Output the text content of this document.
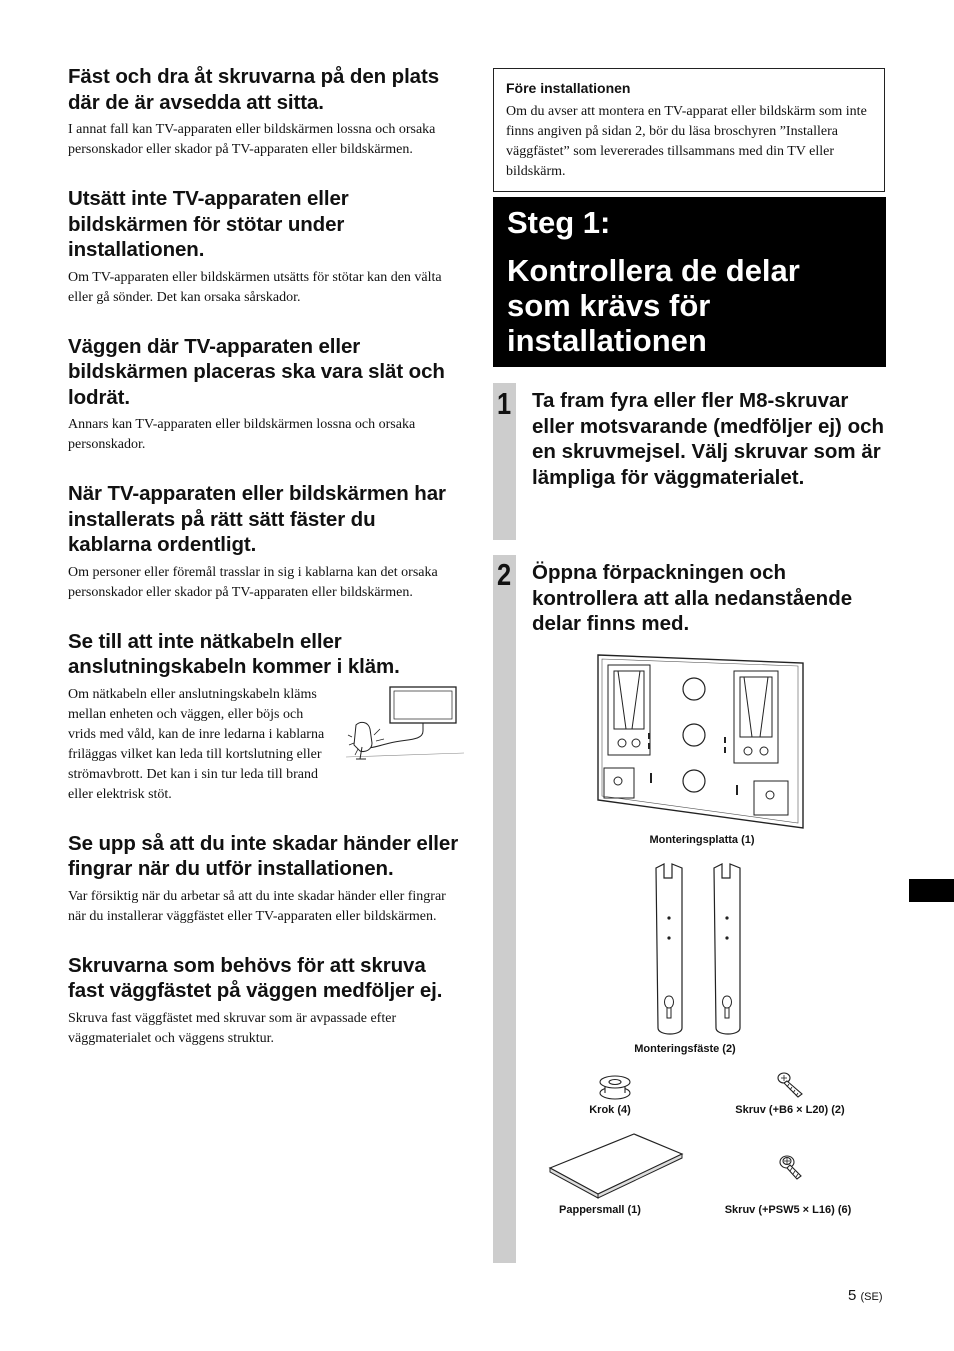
Fäst och dra åt skruvarna på den plats där de är avsedda att sitta.

I annat fall kan TV-apparaten eller bildskärmen lossna och orsaka personskador eller skador på TV-apparaten eller bildskärmen.

Utsätt inte TV-apparaten eller bildskärmen för stötar under installationen.

Om TV-apparaten eller bildskärmen utsätts för stötar kan den välta eller gå sönder. Det kan orsaka sårskador.

Väggen där TV-apparaten eller bildskärmen placeras ska vara slät och lodrät.

Annars kan TV-apparaten eller bildskärmen lossna och orsaka personskador.

När TV-apparaten eller bildskärmen har installerats på rätt sätt fäster du kablarna ordentligt.

Om personer eller föremål trasslar in sig i kablarna kan det orsaka personskador eller skador på TV-apparaten eller bildskärmen.

Se till att inte nätkabeln eller anslutningskabeln kommer i kläm.

Om nätkabeln eller anslutningskabeln kläms mellan enheten och väggen, eller böjs och vrids med våld, kan de inre ledarna i kablarna friläggas vilket kan leda till kortslutning eller strömavbrott. Det kan i sin tur leda till brand eller elektrisk stöt.

Se upp så att du inte skadar händer eller fingrar när du utför installationen.

Var försiktig när du arbetar så att du inte skadar händer eller fingrar när du installerar väggfästet eller TV-apparaten eller bildskärmen.

Skruvarna som behövs för att skruva fast väggfästet på väggen medföljer ej.

Skruva fast väggfästet med skruvar som är avpassade efter väggmaterialet och väggens struktur.

Före installationen

Om du avser att montera en TV-apparat eller bildskärm som inte finns angiven på sidan 2, bör du läsa broschyren ”Installera väggfästet” som levererades tillsammans med din TV eller bildskärm.

Steg 1:
Kontrollera de delar som krävs för installationen
1 Ta fram fyra eller fler M8-skruvar eller motsvarande (medföljer ej) och en skruvmejsel. Välj skruvar som är lämpliga för väggmaterialet.
2 Öppna förpackningen och kontrollera att alla nedanstående delar finns med.
Monteringsplatta (1)
Monteringsfäste (2)
Krok (4)	Skruv (+B6 × L20) (2)
Pappersmall (1)	Skruv (+PSW5 × L16) (6)
5 (SE)
